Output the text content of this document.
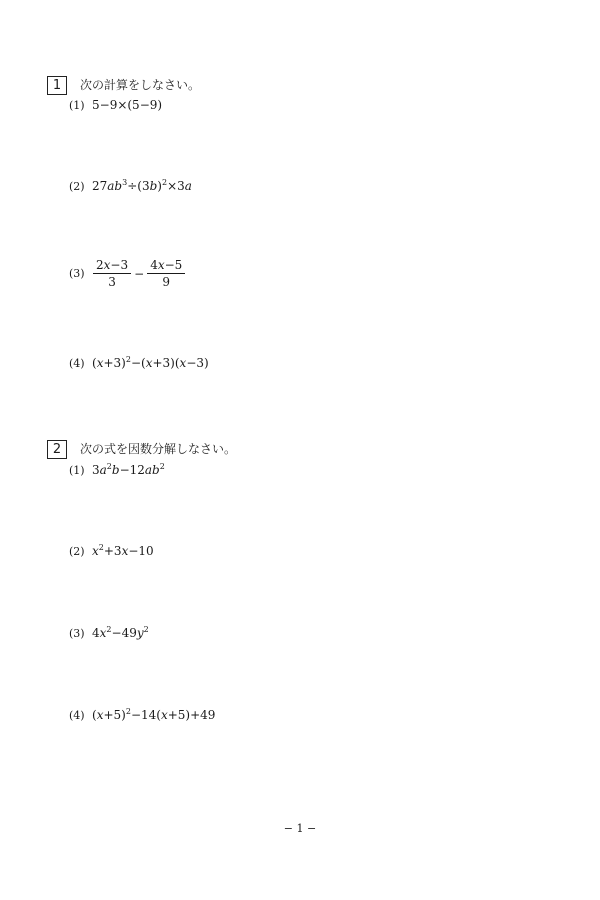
1	次の計算をしなさい。
(1) 5−9×(5−9)
(2) $27ab^3\div(3b)^2\times 3a$
$(3) \frac{2x-3}{3} - \frac{4x-5}{9}$
(4) $(x+3)^2-(x+3)(x-3)$
2	次の式を因数分解しなさい。
(1) $3a^2b-12ab^2$
(2) $x^2+3x-10$
(3) $4x^2-49y^2$
(4) $(x+5)^2-14(x+5)+49$
− 1 −
